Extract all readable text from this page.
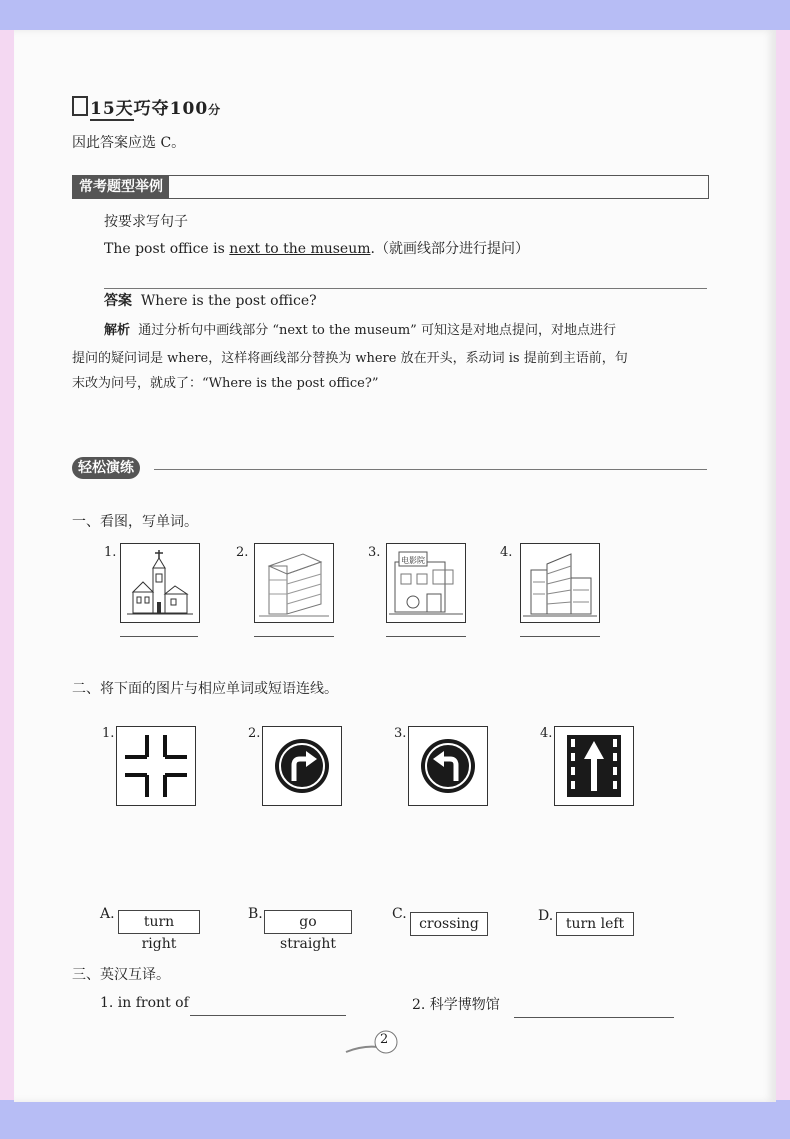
15天巧夺100分
因此答案应选 C。
常考题型举例
按要求写句子
The post office is next to the museum.（就画线部分进行提问）
答案 Where is the post office?
解析 通过分析句中画线部分 “next to the museum” 可知这是对地点提问，对地点进行
提问的疑问词是 where，这样将画线部分替换为 where 放在开头，系动词 is 提前到主语前，句
末改为问号，就成了：“Where is the post office?”
轻松演练
一、看图，写单词。
1.	2.	3.
电影院
4.
二、将下面的图片与相应单词或短语连线。
1.	2.	3.	4.
A.	turn right
B.	go straight
C.
crossing	D. turn left
三、英汉互译。
1. in front of	2. 科学博物馆
2
